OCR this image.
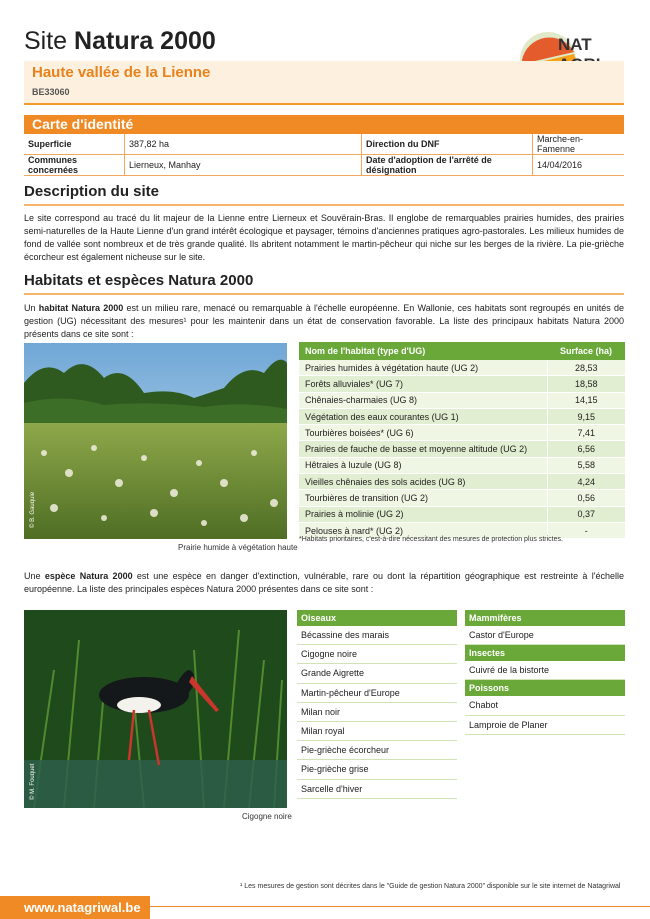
Site Natura 2000	NAT
Haute vallée de la Lienne
BE33060
Carte d'identité
Superficie	387,82 ha	Direction du DNF	Marche-en-Famenne
Communes concernées	Lierneux, Manhay	Date d'adoption de l'arrêté de désignation	14/04/2016
Description du site
Le site correspond au tracé du lit majeur de la Lienne entre Lierneux et Souvërain-Bras. Il englobe de remarquables prairies humides, des prairies semi-naturelles de la Haute Lienne d'un grand intérêt écologique et paysager, témoins d'anciennes pratiques agro-pastorales. Les milieux humides de fond de vallée sont nombreux et de très grande qualité. Ils abritent notamment le martin-pêcheur qui niche sur les berges de la rivière. La pie-grièche écorcheur est également nicheuse sur le site.
Habitats et espèces Natura 2000
Un habitat Natura 2000 est un milieu rare, menacé ou remarquable à l'échelle européenne. En Wallonie, ces habitats sont regroupés en unités de gestion (UG) nécessitant des mesures¹ pour les maintenir dans un état de conservation favorable. La liste des principaux habitats Natura 2000 présents dans ce site sont :
© B. Gauquie
Prairie humide à végétation haute
Nom de l'habitat (type d'UG)	Surface (ha)
Prairies humides à végétation haute (UG 2)	28,53
Forêts alluviales* (UG 7)	18,58
Chênaies-charmaies (UG 8)	14,15
Végétation des eaux courantes (UG 1)	9,15
Tourbières boisées* (UG 6)	7,41
Prairies de fauche de basse et moyenne altitude (UG 2)	6,56
Hêtraies à luzule (UG 8)	5,58
Vieilles chênaies des sols acides (UG 8)	4,24
Tourbières de transition (UG 2)	0,56
Prairies à molinie (UG 2)	0,37
Pelouses à nard* (UG 2)	-
*Habitats prioritaires, c'est-à-dire nécessitant des mesures de protection plus strictes.
Une espèce Natura 2000 est une espèce en danger d'extinction, vulnérable, rare ou dont la répartition géographique est restreinte à l'échelle européenne. La liste des principales espèces Natura 2000 présentes dans ce site sont :
© M. Fouquet
Cigogne noire
Oiseaux
Bécassine des marais
Cigogne noire
Grande Aigrette
Martin-pêcheur d'Europe
Milan noir
Milan royal
Pie-grièche écorcheur
Pie-grièche grise
Sarcelle d'hiver
Mammifères
Castor d'Europe
Insectes
Cuivré de la bistorte
Poissons
Chabot
Lamproie de Planer
¹ Les mesures de gestion sont décrites dans le "Guide de gestion Natura 2000" disponible sur le site internet de Natagriwal
www.natagriwal.be
